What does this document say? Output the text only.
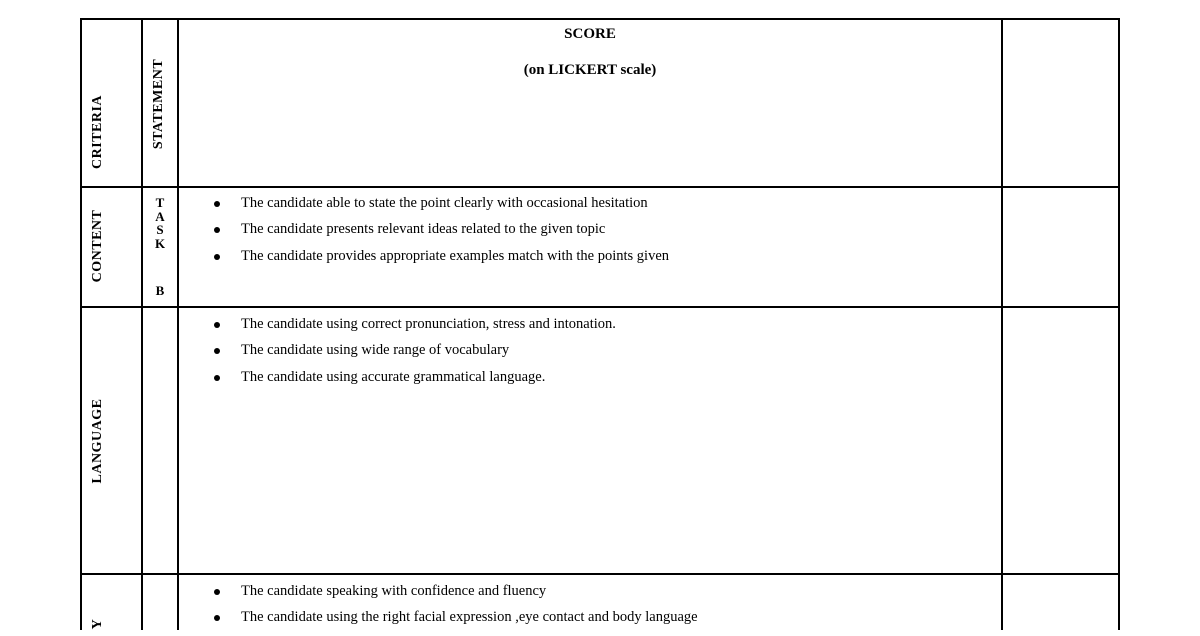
CRITERIA	STATEMENT
SCORE
(on LICKERT scale)
CONTENT
T
A
S
K
B
The candidate able to state the point clearly with occasional hesitation
The candidate presents relevant ideas related to the given topic
The candidate provides appropriate examples match with the points given
LANGUAGE
The candidate using correct pronunciation, stress and intonation.
The candidate using wide range of vocabulary
The candidate using accurate grammatical language.
Y
The candidate speaking with confidence and fluency
The candidate using the right facial expression ,eye contact and body language
